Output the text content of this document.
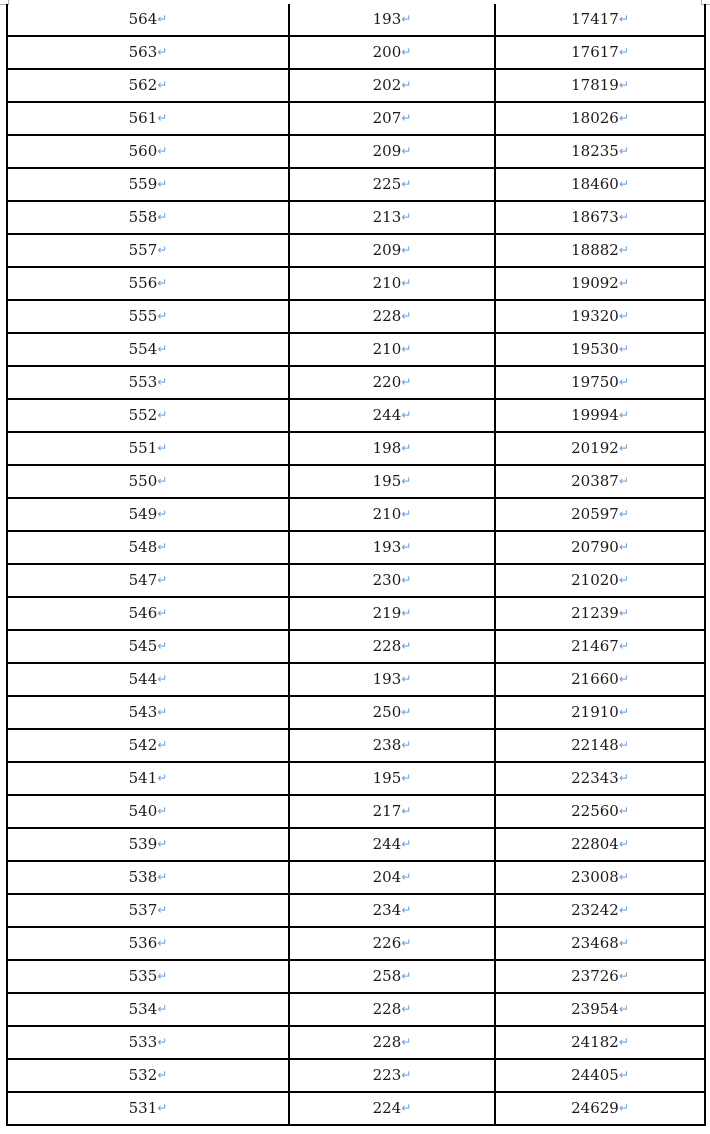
564↵	193↵	17417↵
563↵	200↵	17617↵
562↵	202↵	17819↵
561↵	207↵	18026↵
560↵	209↵	18235↵
559↵	225↵	18460↵
558↵	213↵	18673↵
557↵	209↵	18882↵
556↵	210↵	19092↵
555↵	228↵	19320↵
554↵	210↵	19530↵
553↵	220↵	19750↵
552↵	244↵	19994↵
551↵	198↵	20192↵
550↵	195↵	20387↵
549↵	210↵	20597↵
548↵	193↵	20790↵
547↵	230↵	21020↵
546↵	219↵	21239↵
545↵	228↵	21467↵
544↵	193↵	21660↵
543↵	250↵	21910↵
542↵	238↵	22148↵
541↵	195↵	22343↵
540↵	217↵	22560↵
539↵	244↵	22804↵
538↵	204↵	23008↵
537↵	234↵	23242↵
536↵	226↵	23468↵
535↵	258↵	23726↵
534↵	228↵	23954↵
533↵	228↵	24182↵
532↵	223↵	24405↵
531↵	224↵	24629↵
